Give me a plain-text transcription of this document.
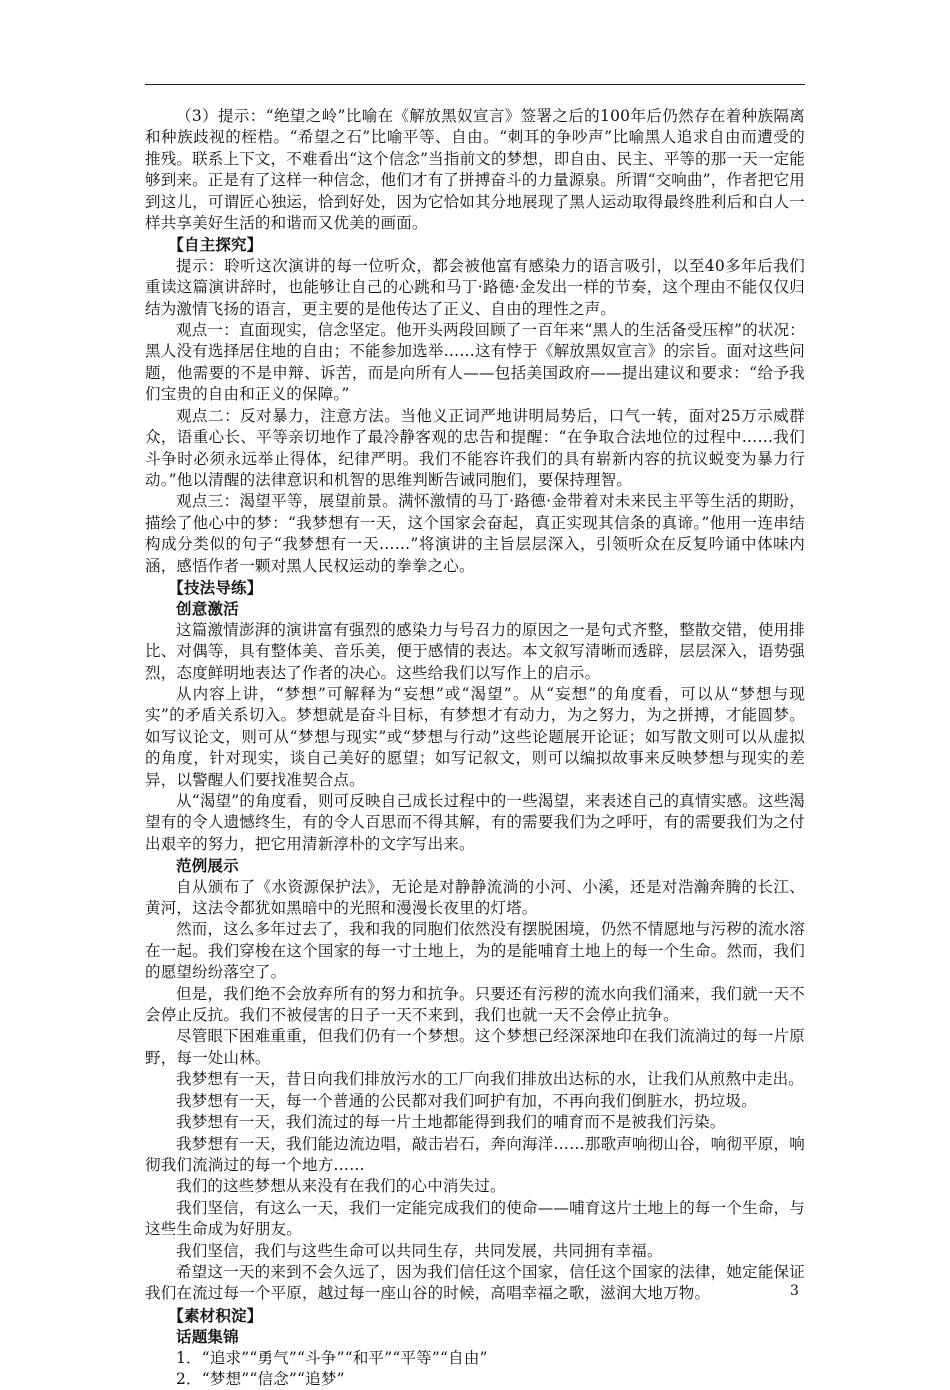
（3）提示：“绝望之岭”比喻在《解放黑奴宣言》签署之后的100年后仍然存在着种族隔离和种族歧视的桎梏。“希望之石”比喻平等、自由。“刺耳的争吵声”比喻黑人追求自由而遭受的推残。联系上下文，不难看出“这个信念”当指前文的梦想，即自由、民主、平等的那一天一定能够到来。正是有了这样一种信念，他们才有了拼搏奋斗的力量源泉。所谓“交响曲”，作者把它用到这儿，可谓匠心独运，恰到好处，因为它恰如其分地展现了黑人运动取得最终胜利后和白人一样共享美好生活的和谐而又优美的画面。

【自主探究】

提示：聆听这次演讲的每一位听众，都会被他富有感染力的语言吸引，以至40多年后我们重读这篇演讲辞时，也能够让自己的心跳和马丁·路德·金发出一样的节奏，这个理由不能仅仅归结为激情飞扬的语言，更主要的是他传达了正义、自由的理性之声。

观点一：直面现实，信念坚定。他开头两段回顾了一百年来“黑人的生活备受压榨”的状况：黑人没有选择居住地的自由；不能参加选举……这有悖于《解放黑奴宣言》的宗旨。面对这些问题，他需要的不是申辩、诉苦，而是向所有人——包括美国政府——提出建议和要求：“给予我们宝贵的自由和正义的保障。”

观点二：反对暴力，注意方法。当他义正词严地讲明局势后，口气一转，面对25万示威群众，语重心长、平等亲切地作了最冷静客观的忠告和提醒：“在争取合法地位的过程中……我们斗争时必须永远举止得体，纪律严明。我们不能容许我们的具有崭新内容的抗议蜕变为暴力行动。”他以清醒的法律意识和机智的思维判断告诫同胞们，要保持理智。

观点三：渴望平等，展望前景。满怀激情的马丁·路德·金带着对未来民主平等生活的期盼，描绘了他心中的梦：“我梦想有一天，这个国家会奋起，真正实现其信条的真谛。”他用一连串结构成分类似的句子“我梦想有一天……”将演讲的主旨层层深入，引领听众在反复吟诵中体味内涵，感悟作者一颗对黑人民权运动的拳拳之心。

【技法导练】

创意激活

这篇激情澎湃的演讲富有强烈的感染力与号召力的原因之一是句式齐整，整散交错，使用排比、对偶等，具有整体美、音乐美，便于感情的表达。本文叙写清晰而透辟，层层深入，语势强烈，态度鲜明地表达了作者的决心。这些给我们以写作上的启示。

从内容上讲，“梦想”可解释为“妄想”或“渴望”。从“妄想”的角度看，可以从“梦想与现实”的矛盾关系切入。梦想就是奋斗目标，有梦想才有动力，为之努力，为之拼搏，才能圆梦。如写议论文，则可从“梦想与现实”或“梦想与行动”这些论题展开论证；如写散文则可以从虚拟的角度，针对现实，谈自己美好的愿望；如写记叙文，则可以编拟故事来反映梦想与现实的差异，以警醒人们要找准契合点。

从“渴望”的角度看，则可反映自己成长过程中的一些渴望，来表述自己的真情实感。这些渴望有的令人遗憾终生，有的令人百思而不得其解，有的需要我们为之呼吁，有的需要我们为之付出艰辛的努力，把它用清新淳朴的文字写出来。

范例展示

自从颁布了《水资源保护法》，无论是对静静流淌的小河、小溪，还是对浩瀚奔腾的长江、黄河，这法令都犹如黑暗中的光照和漫漫长夜里的灯塔。

然而，这么多年过去了，我和我的同胞们依然没有摆脱困境，仍然不情愿地与污秽的流水溶在一起。我们穿梭在这个国家的每一寸土地上，为的是能哺育土地上的每一个生命。然而，我们的愿望纷纷落空了。

但是，我们绝不会放弃所有的努力和抗争。只要还有污秽的流水向我们涌来，我们就一天不会停止反抗。我们不被侵害的日子一天不来到，我们也就一天不会停止抗争。

尽管眼下困难重重，但我们仍有一个梦想。这个梦想已经深深地印在我们流淌过的每一片原野，每一处山林。

我梦想有一天，昔日向我们排放污水的工厂向我们排放出达标的水，让我们从煎熬中走出。

我梦想有一天，每一个普通的公民都对我们呵护有加，不再向我们倒脏水，扔垃圾。

我梦想有一天，我们流过的每一片土地都能得到我们的哺育而不是被我们污染。

我梦想有一天，我们能边流边唱，敲击岩石，奔向海洋……那歌声响彻山谷，响彻平原，响彻我们流淌过的每一个地方……

我们的这些梦想从来没有在我们的心中消失过。

我们坚信，有这么一天，我们一定能完成我们的使命——哺育这片土地上的每一个生命，与这些生命成为好朋友。

我们坚信，我们与这些生命可以共同生存，共同发展，共同拥有幸福。

希望这一天的来到不会久远了，因为我们信任这个国家，信任这个国家的法律，她定能保证我们在流过每一个平原，越过每一座山谷的时候，高唱幸福之歌，滋润大地万物。

【素材积淀】

话题集锦

1．“追求”“勇气”“斗争”“和平”“平等”“自由”

2．“梦想”“信念”“追梦”

3
